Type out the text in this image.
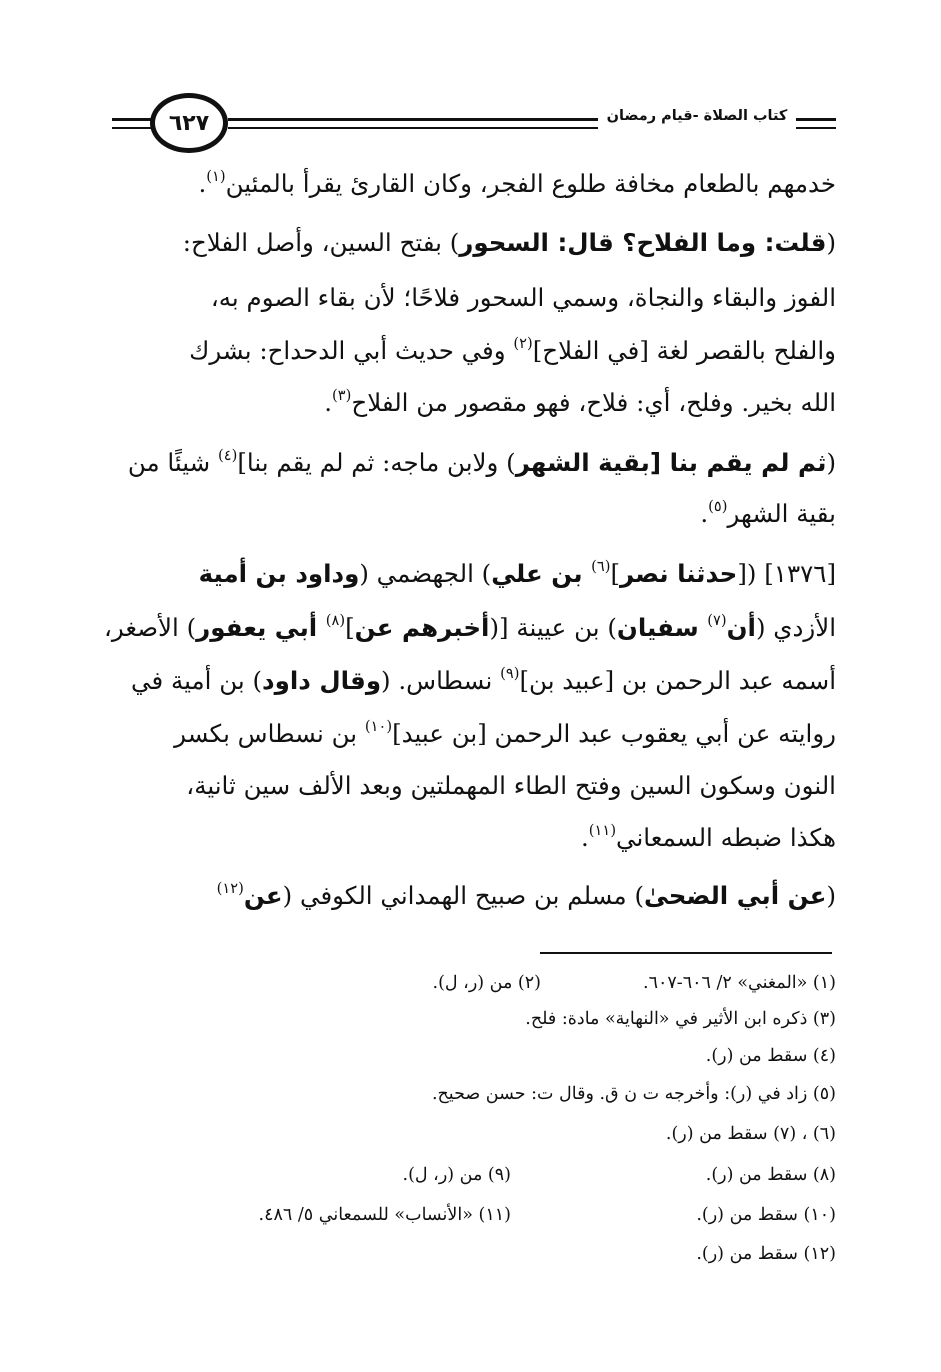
٦٢٧	كتاب الصلاة -قيام رمضان
خدمهم بالطعام مخافة طلوع الفجر، وكان القارئ يقرأ بالمئين$^{(١)}$.
(قلت: وما الفلاح؟ قال: السحور) بفتح السين، وأصل الفلاح:
الفوز والبقاء والنجاة، وسمي السحور فلاحًا؛ لأن بقاء الصوم به،
والفلح بالقصر لغة [في الفلاح]$^{(٢)}$ وفي حديث أبي الدحداح: بشرك
الله بخير. وفلح، أي: فلاح، فهو مقصور من الفلاح$^{(٣)}$.
(ثم لم يقم بنا [بقية الشهر) ولابن ماجه: ثم لم يقم بنا]$^{(٤)}$ شيئًا من
بقية الشهر$^{(٥)}$.
[١٣٧٦] ([حدثنا نصر]$^{(٦)}$ بن علي) الجهضمي (وداود بن أمية
الأزدي (أن$^{(٧)}$ سفيان) بن عيينة [(أخبرهم عن]$^{(٨)}$ أبي يعفور) الأصغر،
أسمه عبد الرحمن بن [عبيد بن]$^{(٩)}$ نسطاس. (وقال داود) بن أمية في
روايته عن أبي يعقوب عبد الرحمن [بن عبيد]$^{(١٠)}$ بن نسطاس بكسر
النون وسكون السين وفتح الطاء المهملتين وبعد الألف سين ثانية،
هكذا ضبطه السمعاني$^{(١١)}$.
(عن أبي الضحىٰ) مسلم بن صبيح الهمداني الكوفي (عن$^{(١٢)}$
(١) «المغني» ٢/ ٦٠٦-٦٠٧.
(٢) من (ر، ل).
(٣) ذكره ابن الأثير في «النهاية» مادة: فلح.
(٤) سقط من (ر).
(٥) زاد في (ر): وأخرجه ت ن ق. وقال ت: حسن صحيح.
(٦) ، (٧) سقط من (ر).
(٨) سقط من (ر).
(٩) من (ر، ل).
(١٠) سقط من (ر).
(١١) «الأنساب» للسمعاني ٥/ ٤٨٦.
(١٢) سقط من (ر).
